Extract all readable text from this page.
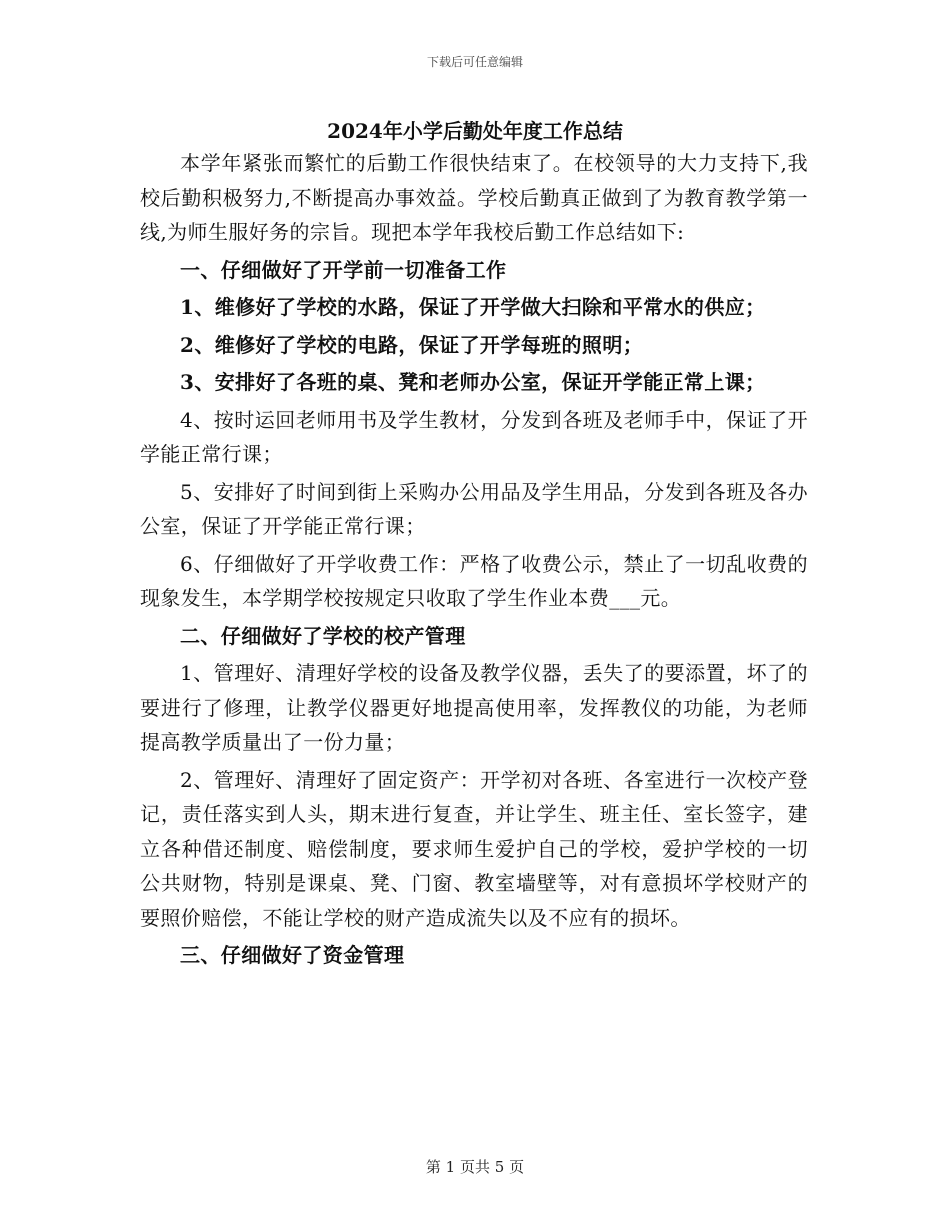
下载后可任意编辑
2024年小学后勤处年度工作总结

本学年紧张而繁忙的后勤工作很快结束了。在校领导的大力支持下,我校后勤积极努力,不断提高办事效益。学校后勤真正做到了为教育教学第一线,为师生服好务的宗旨。现把本学年我校后勤工作总结如下:

一、仔细做好了开学前一切准备工作

1、维修好了学校的水路，保证了开学做大扫除和平常水的供应；

2、维修好了学校的电路，保证了开学每班的照明；

3、安排好了各班的桌、凳和老师办公室，保证开学能正常上课；

4、按时运回老师用书及学生教材，分发到各班及老师手中，保证了开学能正常行课；

5、安排好了时间到街上采购办公用品及学生用品，分发到各班及各办公室，保证了开学能正常行课；

6、仔细做好了开学收费工作：严格了收费公示，禁止了一切乱收费的现象发生，本学期学校按规定只收取了学生作业本费___元。

二、仔细做好了学校的校产管理

1、管理好、清理好学校的设备及教学仪器，丢失了的要添置，坏了的要进行了修理，让教学仪器更好地提高使用率，发挥教仪的功能，为老师提高教学质量出了一份力量；

2、管理好、清理好了固定资产：开学初对各班、各室进行一次校产登记，责任落实到人头，期末进行复查，并让学生、班主任、室长签字，建立各种借还制度、赔偿制度，要求师生爱护自己的学校，爱护学校的一切公共财物，特别是课桌、凳、门窗、教室墙壁等，对有意损坏学校财产的要照价赔偿，不能让学校的财产造成流失以及不应有的损坏。

三、仔细做好了资金管理

第 1 页共 5 页
